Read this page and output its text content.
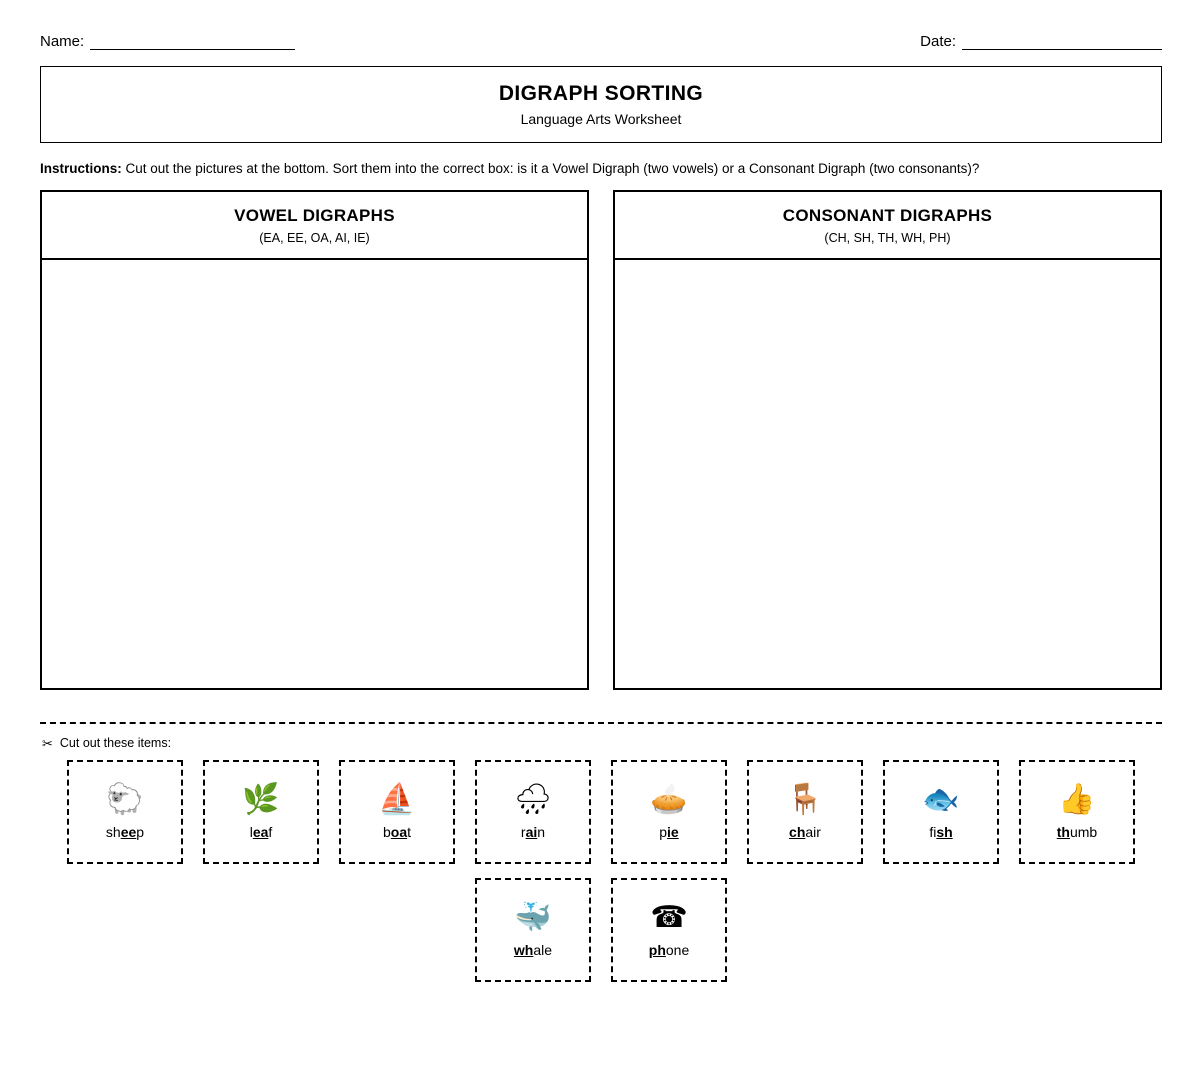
Name:	Date:
DIGRAPH SORTING
Language Arts Worksheet
Instructions: Cut out the pictures at the bottom. Sort them into the correct box: is it a Vowel Digraph (two vowels) or a Consonant Digraph (two consonants)?
VOWEL DIGRAPHS
(EA, EE, OA, AI, IE)
CONSONANT DIGRAPHS
(CH, SH, TH, WH, PH)
✂ Cut out these items:
🐑
sheep
🌿
leaf
⛵
boat
🌧
rain
🥧
pie
🪑
chair
🐟
fish
👍
thumb
🐳
whale
☎
phone
